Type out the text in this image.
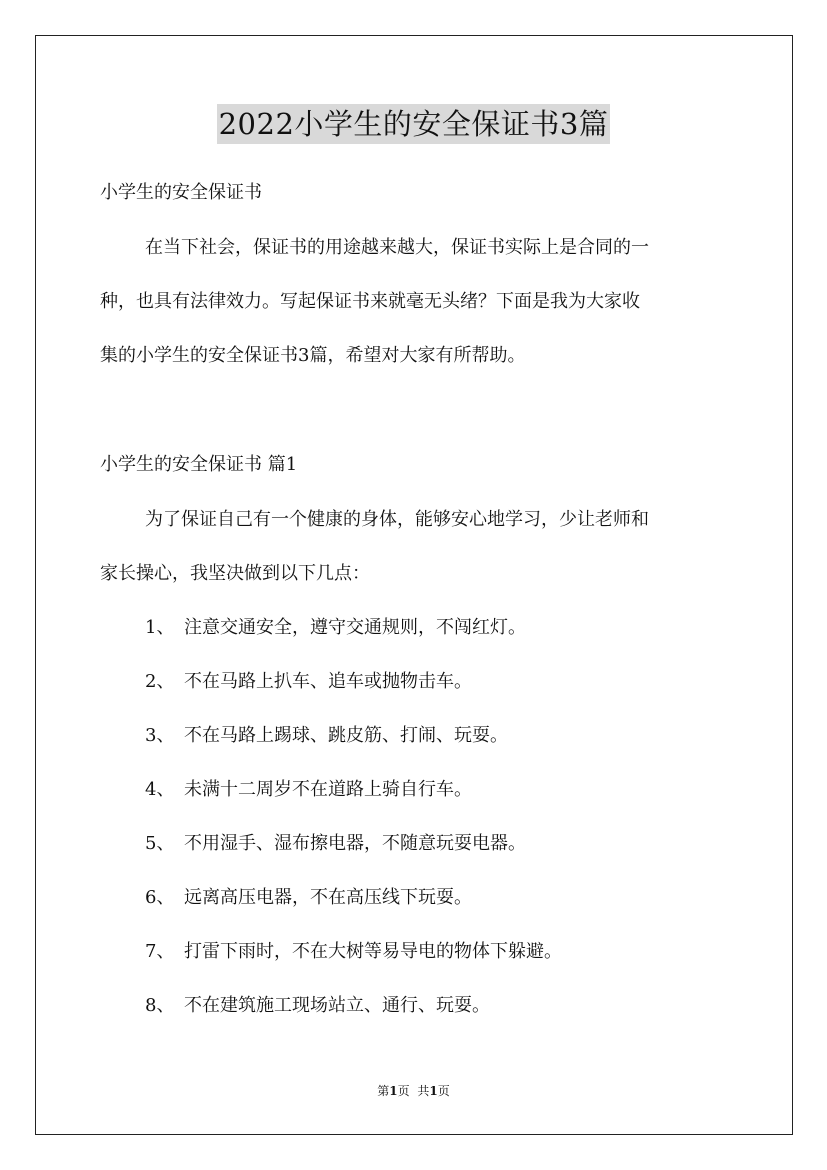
2022小学生的安全保证书3篇
小学生的安全保证书
在当下社会，保证书的用途越来越大，保证书实际上是合同的一
种，也具有法律效力。写起保证书来就毫无头绪？下面是我为大家收
集的小学生的安全保证书3篇，希望对大家有所帮助。
小学生的安全保证书 篇1
为了保证自己有一个健康的身体，能够安心地学习，少让老师和
家长操心，我坚决做到以下几点：
1、 注意交通安全，遵守交通规则，不闯红灯。
2、 不在马路上扒车、追车或抛物击车。
3、 不在马路上踢球、跳皮筋、打闹、玩耍。
4、 未满十二周岁不在道路上骑自行车。
5、 不用湿手、湿布擦电器，不随意玩耍电器。
6、 远离高压电器，不在高压线下玩耍。
7、 打雷下雨时，不在大树等易导电的物体下躲避。
8、 不在建筑施工现场站立、通行、玩耍。
第1页 共1页
